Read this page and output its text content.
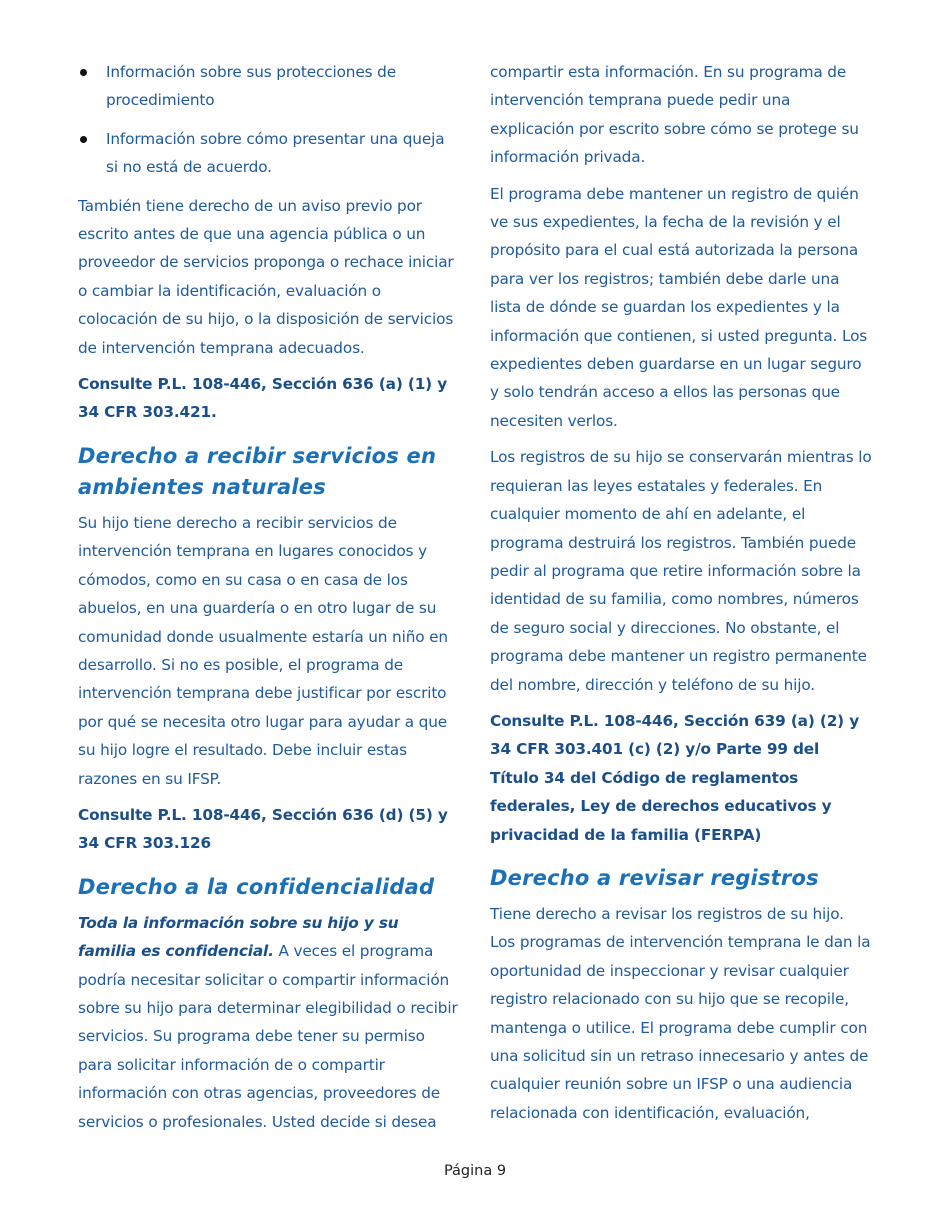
Información sobre sus protecciones de procedimiento
Información sobre cómo presentar una queja si no está de acuerdo.

También tiene derecho de un aviso previo por escrito antes de que una agencia pública o un proveedor de servicios proponga o rechace iniciar o cambiar la identificación, evaluación o colocación de su hijo, o la disposición de servicios de intervención temprana adecuados.

Consulte P.L. 108-446, Sección 636 (a) (1) y 34 CFR 303.421.

Derecho a recibir servicios en ambientes naturales

Su hijo tiene derecho a recibir servicios de intervención temprana en lugares conocidos y cómodos, como en su casa o en casa de los abuelos, en una guardería o en otro lugar de su comunidad donde usualmente estaría un niño en desarrollo. Si no es posible, el programa de intervención temprana debe justificar por escrito por qué se necesita otro lugar para ayudar a que su hijo logre el resultado. Debe incluir estas razones en su IFSP.

Consulte P.L. 108-446, Sección 636 (d) (5) y 34 CFR 303.126

Derecho a la confidencialidad

Toda la información sobre su hijo y su familia es confidencial. A veces el programa podría necesitar solicitar o compartir información sobre su hijo para determinar elegibilidad o recibir servicios. Su programa debe tener su permiso para solicitar información de o compartir información con otras agencias, proveedores de servicios o profesionales. Usted decide si desea

compartir esta información. En su programa de intervención temprana puede pedir una explicación por escrito sobre cómo se protege su información privada.

El programa debe mantener un registro de quién ve sus expedientes, la fecha de la revisión y el propósito para el cual está autorizada la persona para ver los registros; también debe darle una lista de dónde se guardan los expedientes y la información que contienen, si usted pregunta. Los expedientes deben guardarse en un lugar seguro y solo tendrán acceso a ellos las personas que necesiten verlos.

Los registros de su hijo se conservarán mientras lo requieran las leyes estatales y federales. En cualquier momento de ahí en adelante, el programa destruirá los registros. También puede pedir al programa que retire información sobre la identidad de su familia, como nombres, números de seguro social y direcciones. No obstante, el programa debe mantener un registro permanente del nombre, dirección y teléfono de su hijo.

Consulte P.L. 108-446, Sección 639 (a) (2) y 34 CFR 303.401 (c) (2) y/o Parte 99 del Título 34 del Código de reglamentos federales, Ley de derechos educativos y privacidad de la familia (FERPA)

Derecho a revisar registros

Tiene derecho a revisar los registros de su hijo. Los programas de intervención temprana le dan la oportunidad de inspeccionar y revisar cualquier registro relacionado con su hijo que se recopile, mantenga o utilice. El programa debe cumplir con una solicitud sin un retraso innecesario y antes de cualquier reunión sobre un IFSP o una audiencia relacionada con identificación, evaluación,

Página 9
